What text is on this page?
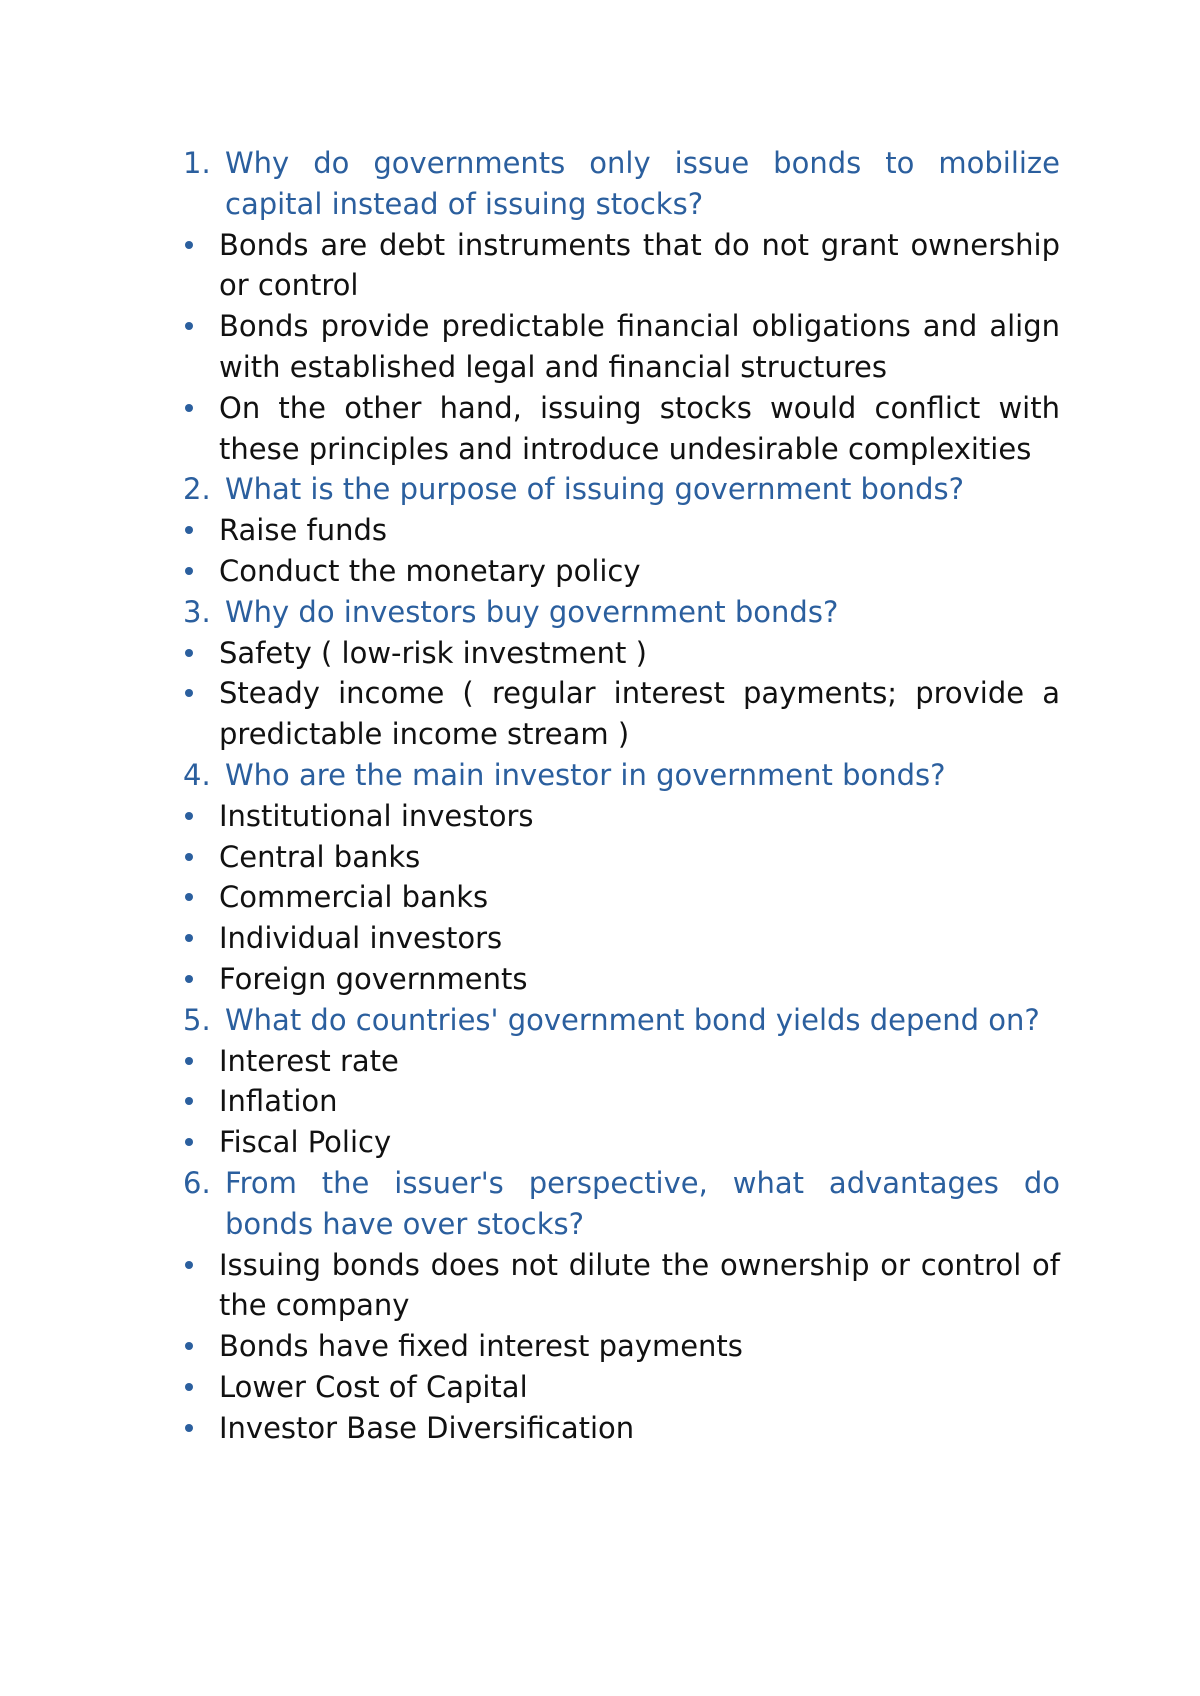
1. Why do governments only issue bonds to mobilize capital instead of issuing stocks?
Bonds are debt instruments that do not grant ownership or control
Bonds provide predictable financial obligations and align with established legal and financial structures
On the other hand, issuing stocks would conflict with these principles and introduce undesirable complexities
2. What is the purpose of issuing government bonds?
Raise funds
Conduct the monetary policy
3. Why do investors buy government bonds?
Safety ( low-risk investment )
Steady income ( regular interest payments; provide a predictable income stream )
4. Who are the main investor in government bonds?
Institutional investors
Central banks
Commercial banks
Individual investors
Foreign governments
5. What do countries' government bond yields depend on?
Interest rate
Inflation
Fiscal Policy
6. From the issuer's perspective, what advantages do bonds have over stocks?
Issuing bonds does not dilute the ownership or control of the company
Bonds have fixed interest payments
Lower Cost of Capital
Investor Base Diversification
